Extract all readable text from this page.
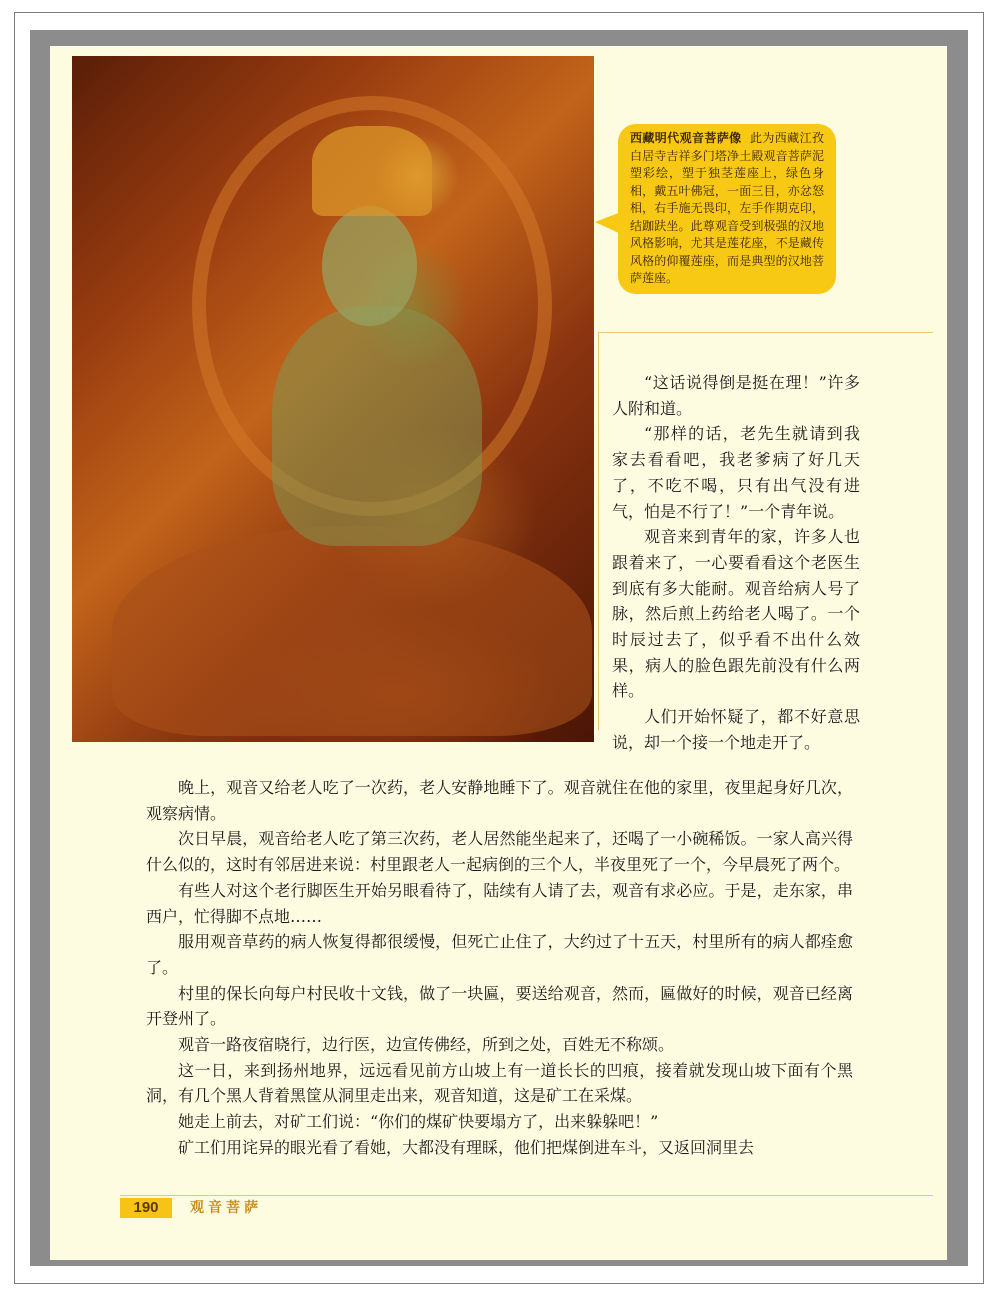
西藏明代观音菩萨像 此为西藏江孜白居寺吉祥多门塔净土殿观音菩萨泥塑彩绘，塑于独茎莲座上，绿色身相，戴五叶佛冠，一面三目，亦忿怒相，右手施无畏印，左手作期克印，结跏趺坐。此尊观音受到极强的汉地风格影响，尤其是莲花座，不是藏传风格的仰覆莲座，而是典型的汉地菩萨莲座。

“这话说得倒是挺在理！”许多人附和道。

“那样的话，老先生就请到我家去看看吧，我老爹病了好几天了，不吃不喝，只有出气没有进气，怕是不行了！”一个青年说。

观音来到青年的家，许多人也跟着来了，一心要看看这个老医生到底有多大能耐。观音给病人号了脉，然后煎上药给老人喝了。一个时辰过去了，似乎看不出什么效果，病人的脸色跟先前没有什么两样。

人们开始怀疑了，都不好意思说，却一个接一个地走开了。

晚上，观音又给老人吃了一次药，老人安静地睡下了。观音就住在他的家里，夜里起身好几次，观察病情。

次日早晨，观音给老人吃了第三次药，老人居然能坐起来了，还喝了一小碗稀饭。一家人高兴得什么似的，这时有邻居进来说：村里跟老人一起病倒的三个人，半夜里死了一个，今早晨死了两个。

有些人对这个老行脚医生开始另眼看待了，陆续有人请了去，观音有求必应。于是，走东家，串西户，忙得脚不点地……

服用观音草药的病人恢复得都很缓慢，但死亡止住了，大约过了十五天，村里所有的病人都痊愈了。

村里的保长向每户村民收十文钱，做了一块匾，要送给观音，然而，匾做好的时候，观音已经离开登州了。

观音一路夜宿晓行，边行医，边宣传佛经，所到之处，百姓无不称颂。

这一日，来到扬州地界，远远看见前方山坡上有一道长长的凹痕，接着就发现山坡下面有个黑洞，有几个黑人背着黑筐从洞里走出来，观音知道，这是矿工在采煤。

她走上前去，对矿工们说：“你们的煤矿快要塌方了，出来躲躲吧！”

矿工们用诧异的眼光看了看她，大都没有理睬，他们把煤倒进车斗，又返回洞里去

190	观音菩萨
